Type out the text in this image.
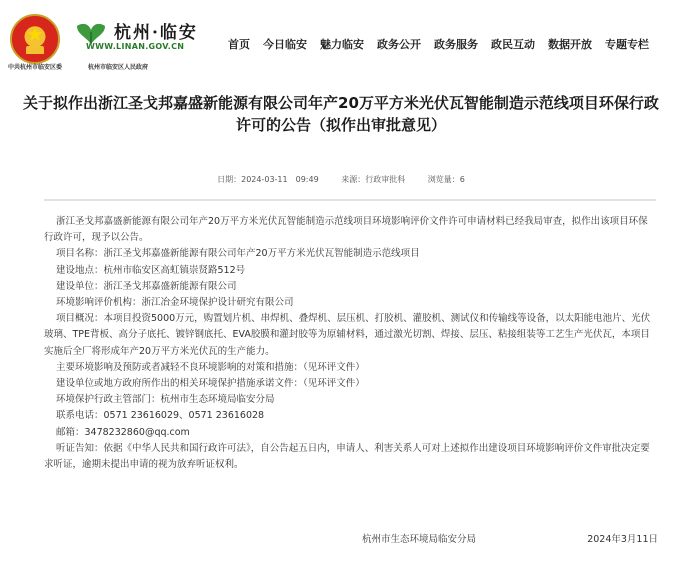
★	杭州·临安
WWW.LINAN.GOV.CN
中共杭州市临安区委	杭州市临安区人民政府
首页 今日临安 魅力临安 政务公开 政务服务 政民互动 数据开放 专题专栏
关于拟作出浙江圣戈邦嘉盛新能源有限公司年产20万平方米光伏瓦智能制造示范线项目环保行政许可的公告（拟作出审批意见）
日期：2024-03-11　09:49	来源：行政审批科	浏览量：6

浙江圣戈邦嘉盛新能源有限公司年产20万平方米光伏瓦智能制造示范线项目环境影响评价文件许可申请材料已经我局审查，拟作出该项目环保行政许可，现予以公告。

项目名称：浙江圣戈邦嘉盛新能源有限公司年产20万平方米光伏瓦智能制造示范线项目

建设地点：杭州市临安区高虹镇崇贤路512号

建设单位：浙江圣戈邦嘉盛新能源有限公司

环境影响评价机构：浙江冶金环境保护设计研究有限公司

项目概况：本项目投资5000万元，购置划片机、串焊机、叠焊机、层压机、打胶机、灌胶机、测试仪和传输线等设备，以太阳能电池片、光伏玻璃、TPE背板、高分子底托、镀锌钢底托、EVA胶膜和灌封胶等为原辅材料，通过激光切割、焊接、层压、粘接组装等工艺生产光伏瓦，本项目实施后全厂将形成年产20万平方米光伏瓦的生产能力。

主要环境影响及预防或者减轻不良环境影响的对策和措施：（见环评文件）

建设单位或地方政府所作出的相关环境保护措施承诺文件：（见环评文件）

环境保护行政主管部门：杭州市生态环境局临安分局

联系电话：0571 23616029、0571 23616028

邮箱：3478232860@qq.com

听证告知：依据《中华人民共和国行政许可法》，自公告起五日内，申请人、利害关系人可对上述拟作出建设项目环境影响评价文件审批决定要求听证，逾期未提出申请的视为放弃听证权利。

杭州市生态环境局临安分局	2024年3月11日
